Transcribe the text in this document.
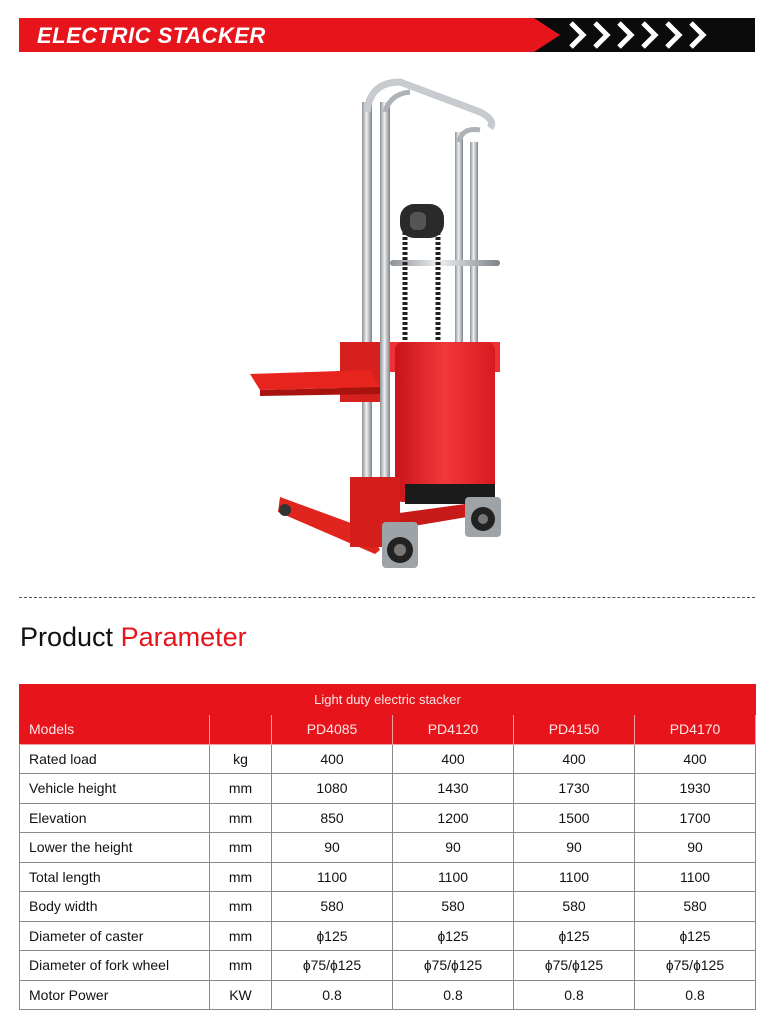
ELECTRIC STACKER
Product Parameter
Light duty electric stacker					
Models		PD4085	PD4120	PD4150	PD4170
Rated load	kg	400	400	400	400
Vehicle height	mm	1080	1430	1730	1930
Elevation	mm	850	1200	1500	1700
Lower the height	mm	90	90	90	90
Total length	mm	1100	1100	1100	1100
Body width	mm	580	580	580	580
Diameter of caster	mm	ɸ125	ɸ125	ɸ125	ɸ125
Diameter of fork wheel	mm	ɸ75/ɸ125	ɸ75/ɸ125	ɸ75/ɸ125	ɸ75/ɸ125
Motor Power	KW	0.8	0.8	0.8	0.8
